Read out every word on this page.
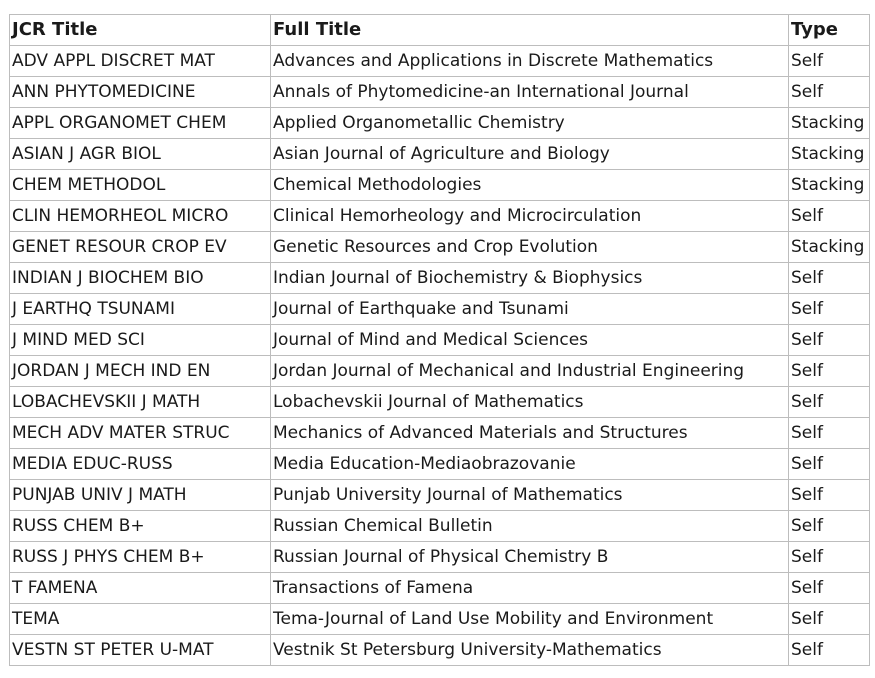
JCR Title	Full Title	Type
ADV APPL DISCRET MAT	Advances and Applications in Discrete Mathematics	Self
ANN PHYTOMEDICINE	Annals of Phytomedicine-an International Journal	Self
APPL ORGANOMET CHEM	Applied Organometallic Chemistry	Stacking
ASIAN J AGR BIOL	Asian Journal of Agriculture and Biology	Stacking
CHEM METHODOL	Chemical Methodologies	Stacking
CLIN HEMORHEOL MICRO	Clinical Hemorheology and Microcirculation	Self
GENET RESOUR CROP EV	Genetic Resources and Crop Evolution	Stacking
INDIAN J BIOCHEM BIO	Indian Journal of Biochemistry & Biophysics	Self
J EARTHQ TSUNAMI	Journal of Earthquake and Tsunami	Self
J MIND MED SCI	Journal of Mind and Medical Sciences	Self
JORDAN J MECH IND EN	Jordan Journal of Mechanical and Industrial Engineering	Self
LOBACHEVSKII J MATH	Lobachevskii Journal of Mathematics	Self
MECH ADV MATER STRUC	Mechanics of Advanced Materials and Structures	Self
MEDIA EDUC-RUSS	Media Education-Mediaobrazovanie	Self
PUNJAB UNIV J MATH	Punjab University Journal of Mathematics	Self
RUSS CHEM B+	Russian Chemical Bulletin	Self
RUSS J PHYS CHEM B+	Russian Journal of Physical Chemistry B	Self
T FAMENA	Transactions of Famena	Self
TEMA	Tema-Journal of Land Use Mobility and Environment	Self
VESTN ST PETER U-MAT	Vestnik St Petersburg University-Mathematics	Self
